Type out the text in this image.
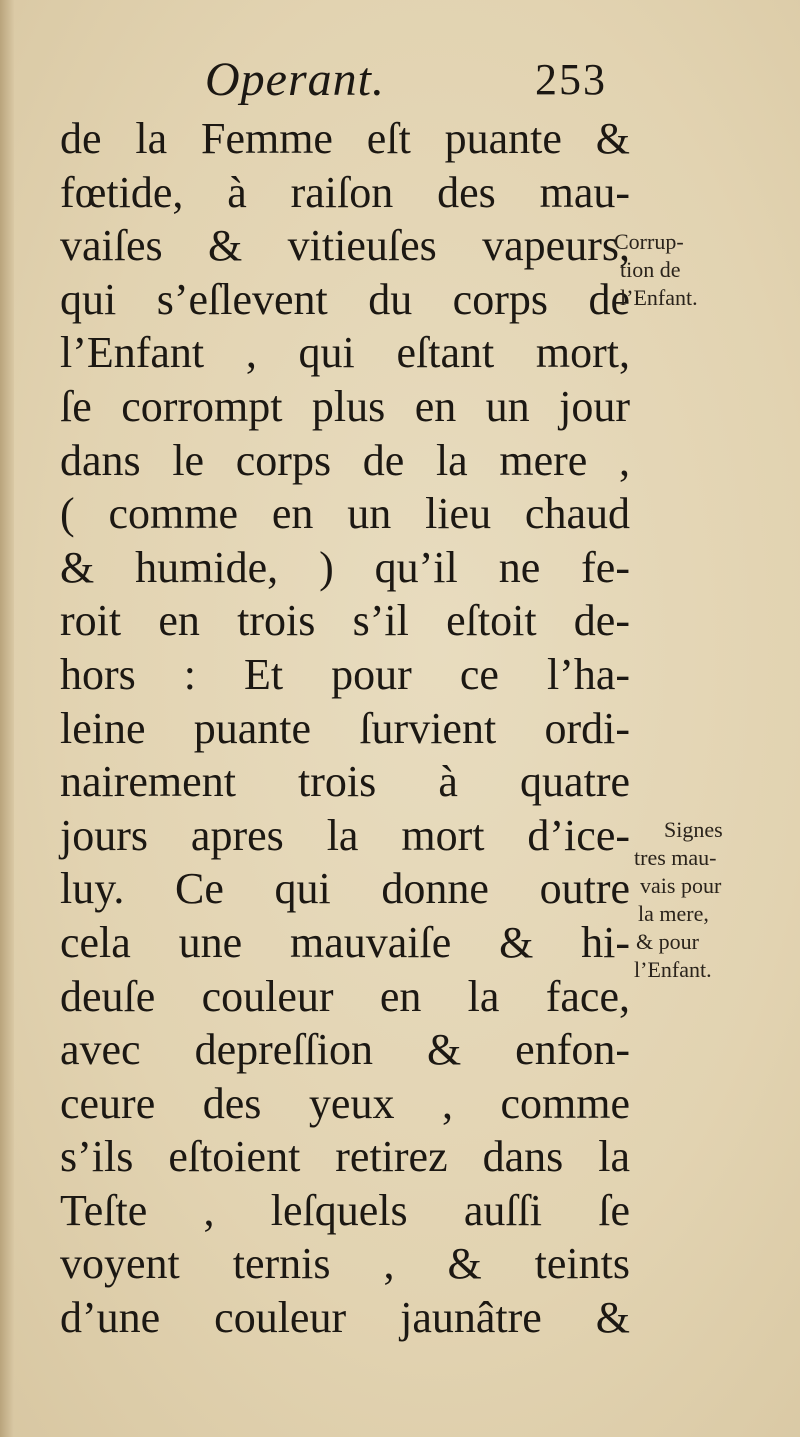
Operant.	253
de la Femme eſt puante &
fœtide, à raiſon des mau-
vaiſes & vitieuſes vapeurs,
qui s’eſlevent du corps de
l’Enfant , qui eſtant mort,
ſe corrompt plus en un jour
dans le corps de la mere ,
( comme en un lieu chaud
& humide, ) qu’il ne fe-
roit en trois s’il eſtoit de-
hors : Et pour ce l’ha-
leine puante ſurvient ordi-
nairement trois à quatre
jours apres la mort d’ice-
luy. Ce qui donne outre
cela une mauvaiſe & hi-
deuſe couleur en la face,
avec depreſſion & enfon-
ceure des yeux , comme
s’ils eſtoient retirez dans la
Teſte , leſquels auſſi ſe
voyent ternis , & teints
d’une couleur jaunâtre &
Corrup-
tion de
l’Enfant.
Signes
tres mau-
vais pour
la mere,
& pour
l’Enfant.
